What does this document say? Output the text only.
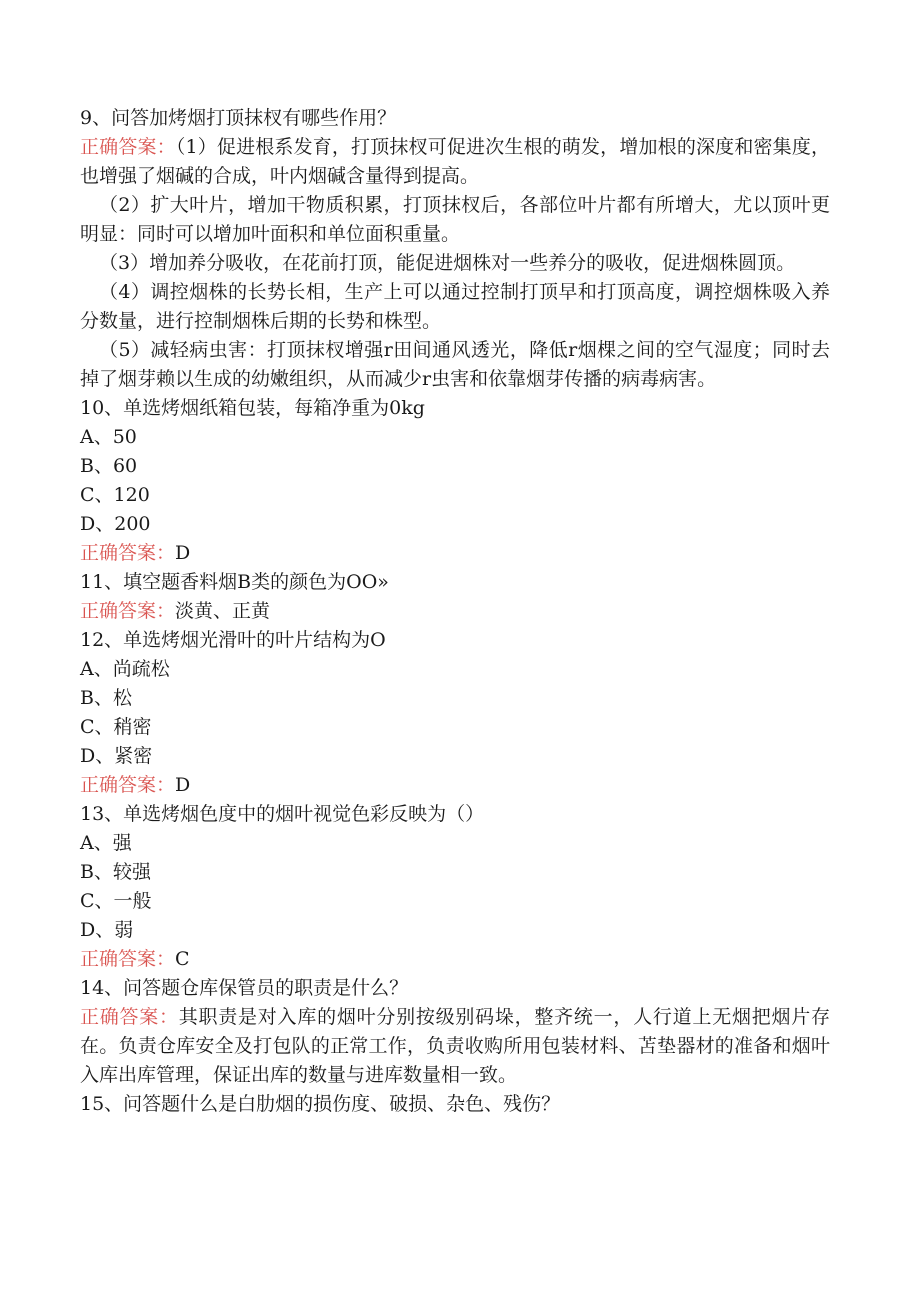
9、问答加烤烟打顶抹杈有哪些作用？
正确答案：（1）促进根系发育，打顶抹杈可促进次生根的萌发，增加根的深度和密集度，也增强了烟碱的合成，叶内烟碱含量得到提高。
（2）扩大叶片，增加干物质积累，打顶抹杈后，各部位叶片都有所增大，尤以顶叶更明显：同时可以增加叶面积和单位面积重量。
（3）增加养分吸收，在花前打顶，能促进烟株对一些养分的吸收，促进烟株圆顶。
（4）调控烟株的长势长相，生产上可以通过控制打顶早和打顶高度，调控烟株吸入养分数量，进行控制烟株后期的长势和株型。
（5）减轻病虫害：打顶抹杈增强r田间通风透光，降低r烟棵之间的空气湿度；同时去掉了烟芽赖以生成的幼嫩组织，从而减少r虫害和依靠烟芽传播的病毒病害。
10、单选烤烟纸箱包装，每箱净重为0kg
A、50
B、60
C、120
D、200
正确答案：D
11、填空题香料烟B类的颜色为OO»
正确答案：淡黄、正黄
12、单选烤烟光滑叶的叶片结构为O
A、尚疏松
B、松
C、稍密
D、紧密
正确答案：D
13、单选烤烟色度中的烟叶视觉色彩反映为（）
A、强
B、较强
C、一般
D、弱
正确答案：C
14、问答题仓库保管员的职责是什么？
正确答案：其职责是对入库的烟叶分别按级别码垛，整齐统一，人行道上无烟把烟片存在。负责仓库安全及打包队的正常工作，负责收购所用包装材料、苫垫器材的准备和烟叶入库出库管理，保证出库的数量与进库数量相一致。
15、问答题什么是白肋烟的损伤度、破损、杂色、残伤？
